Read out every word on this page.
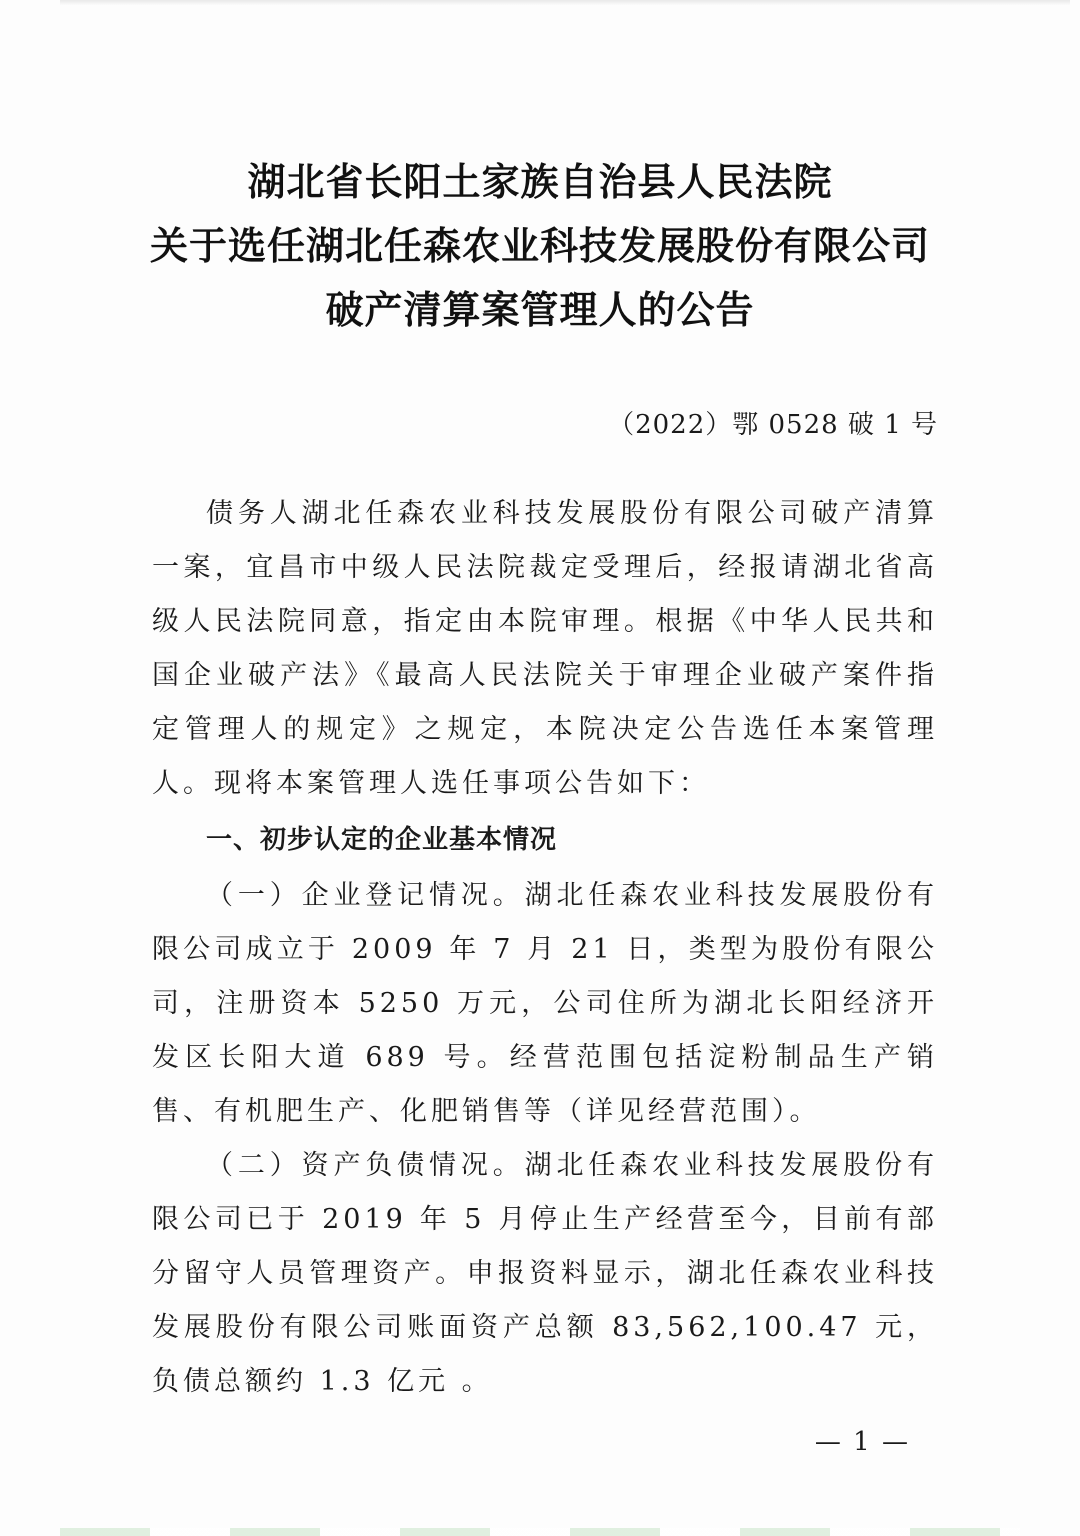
湖北省长阳土家族自治县人民法院
关于选任湖北任森农业科技发展股份有限公司
破产清算案管理人的公告
（2022）鄂 0528 破 1 号

债务人湖北任森农业科技发展股份有限公司破产清算一案，宜昌市中级人民法院裁定受理后，经报请湖北省高级人民法院同意，指定由本院审理。根据《中华人民共和国企业破产法》《最高人民法院关于审理企业破产案件指定管理人的规定》之规定，本院决定公告选任本案管理人。现将本案管理人选任事项公告如下：

一、初步认定的企业基本情况

（一）企业登记情况。湖北任森农业科技发展股份有限公司成立于 2009 年 7 月 21 日，类型为股份有限公司，注册资本 5250 万元，公司住所为湖北长阳经济开发区长阳大道 689 号。经营范围包括淀粉制品生产销售、有机肥生产、化肥销售等（详见经营范围）。

（二）资产负债情况。湖北任森农业科技发展股份有限公司已于 2019 年 5 月停止生产经营至今，目前有部分留守人员管理资产。申报资料显示，湖北任森农业科技发展股份有限公司账面资产总额 83,562,100.47 元，负债总额约 1.3 亿元 。

— 1 —
